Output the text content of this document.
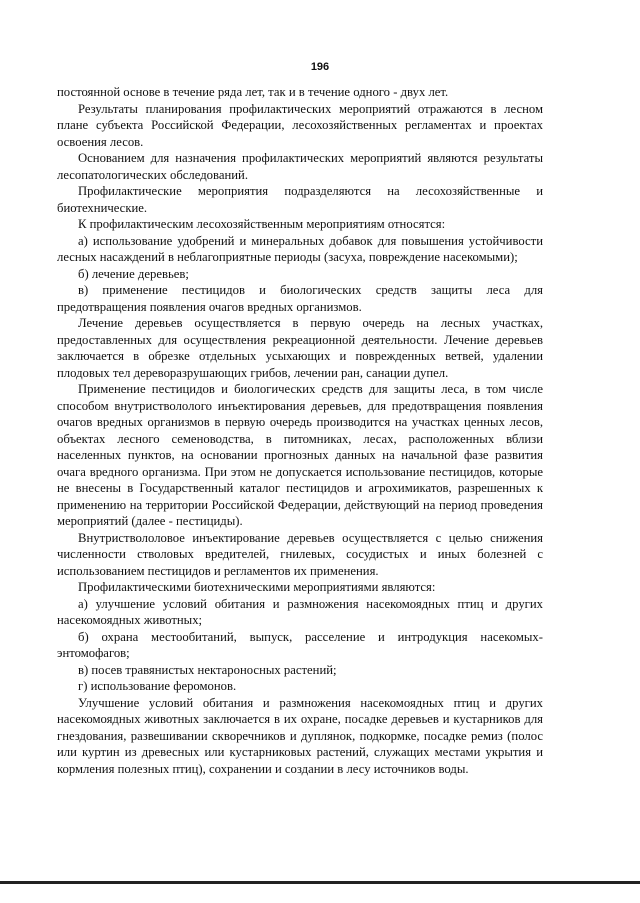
196

постоянной основе в течение ряда лет, так и в течение одного - двух лет.

Результаты планирования профилактических мероприятий отражаются в лесном плане субъекта Российской Федерации, лесохозяйственных регламентах и проектах освоения лесов.

Основанием для назначения профилактических мероприятий являются результаты лесопатологических обследований.

Профилактические мероприятия подразделяются на лесохозяйственные и биотехнические.

К профилактическим лесохозяйственным мероприятиям относятся:

а) использование удобрений и минеральных добавок для повышения устойчивости лесных насаждений в неблагоприятные периоды (засуха, повреждение насекомыми);

б) лечение деревьев;

в) применение пестицидов и биологических средств защиты леса для предотвращения появления очагов вредных организмов.

Лечение деревьев осуществляется в первую очередь на лесных участках, предоставленных для осуществления рекреационной деятельности. Лечение деревьев заключается в обрезке отдельных усыхающих и поврежденных ветвей, удалении плодовых тел дереворазрушающих грибов, лечении ран, санации дупел.

Применение пестицидов и биологических средств для защиты леса, в том числе способом внутриствололого инъектирования деревьев, для предотвращения появления очагов вредных организмов в первую очередь производится на участках ценных лесов, объектах лесного семеноводства, в питомниках, лесах, расположенных вблизи населенных пунктов, на основании прогнозных данных на начальной фазе развития очага вредного организма. При этом не допускается использование пестицидов, которые не внесены в Государственный каталог пестицидов и агрохимикатов, разрешенных к применению на территории Российской Федерации, действующий на период проведения мероприятий (далее - пестициды).

Внутриствололовое инъектирование деревьев осуществляется с целью снижения численности стволовых вредителей, гнилевых, сосудистых и иных болезней с использованием пестицидов и регламентов их применения.

Профилактическими биотехническими мероприятиями являются:

а) улучшение условий обитания и размножения насекомоядных птиц и других насекомоядных животных;

б) охрана местообитаний, выпуск, расселение и интродукция насекомых-энтомофагов;

в) посев травянистых нектароносных растений;

г) использование феромонов.

Улучшение условий обитания и размножения насекомоядных птиц и других насекомоядных животных заключается в их охране, посадке деревьев и кустарников для гнездования, развешивании скворечников и дуплянок, подкормке, посадке ремиз (полос или куртин из древесных или кустарниковых растений, служащих местами укрытия и кормления полезных птиц), сохранении и создании в лесу источников воды.
